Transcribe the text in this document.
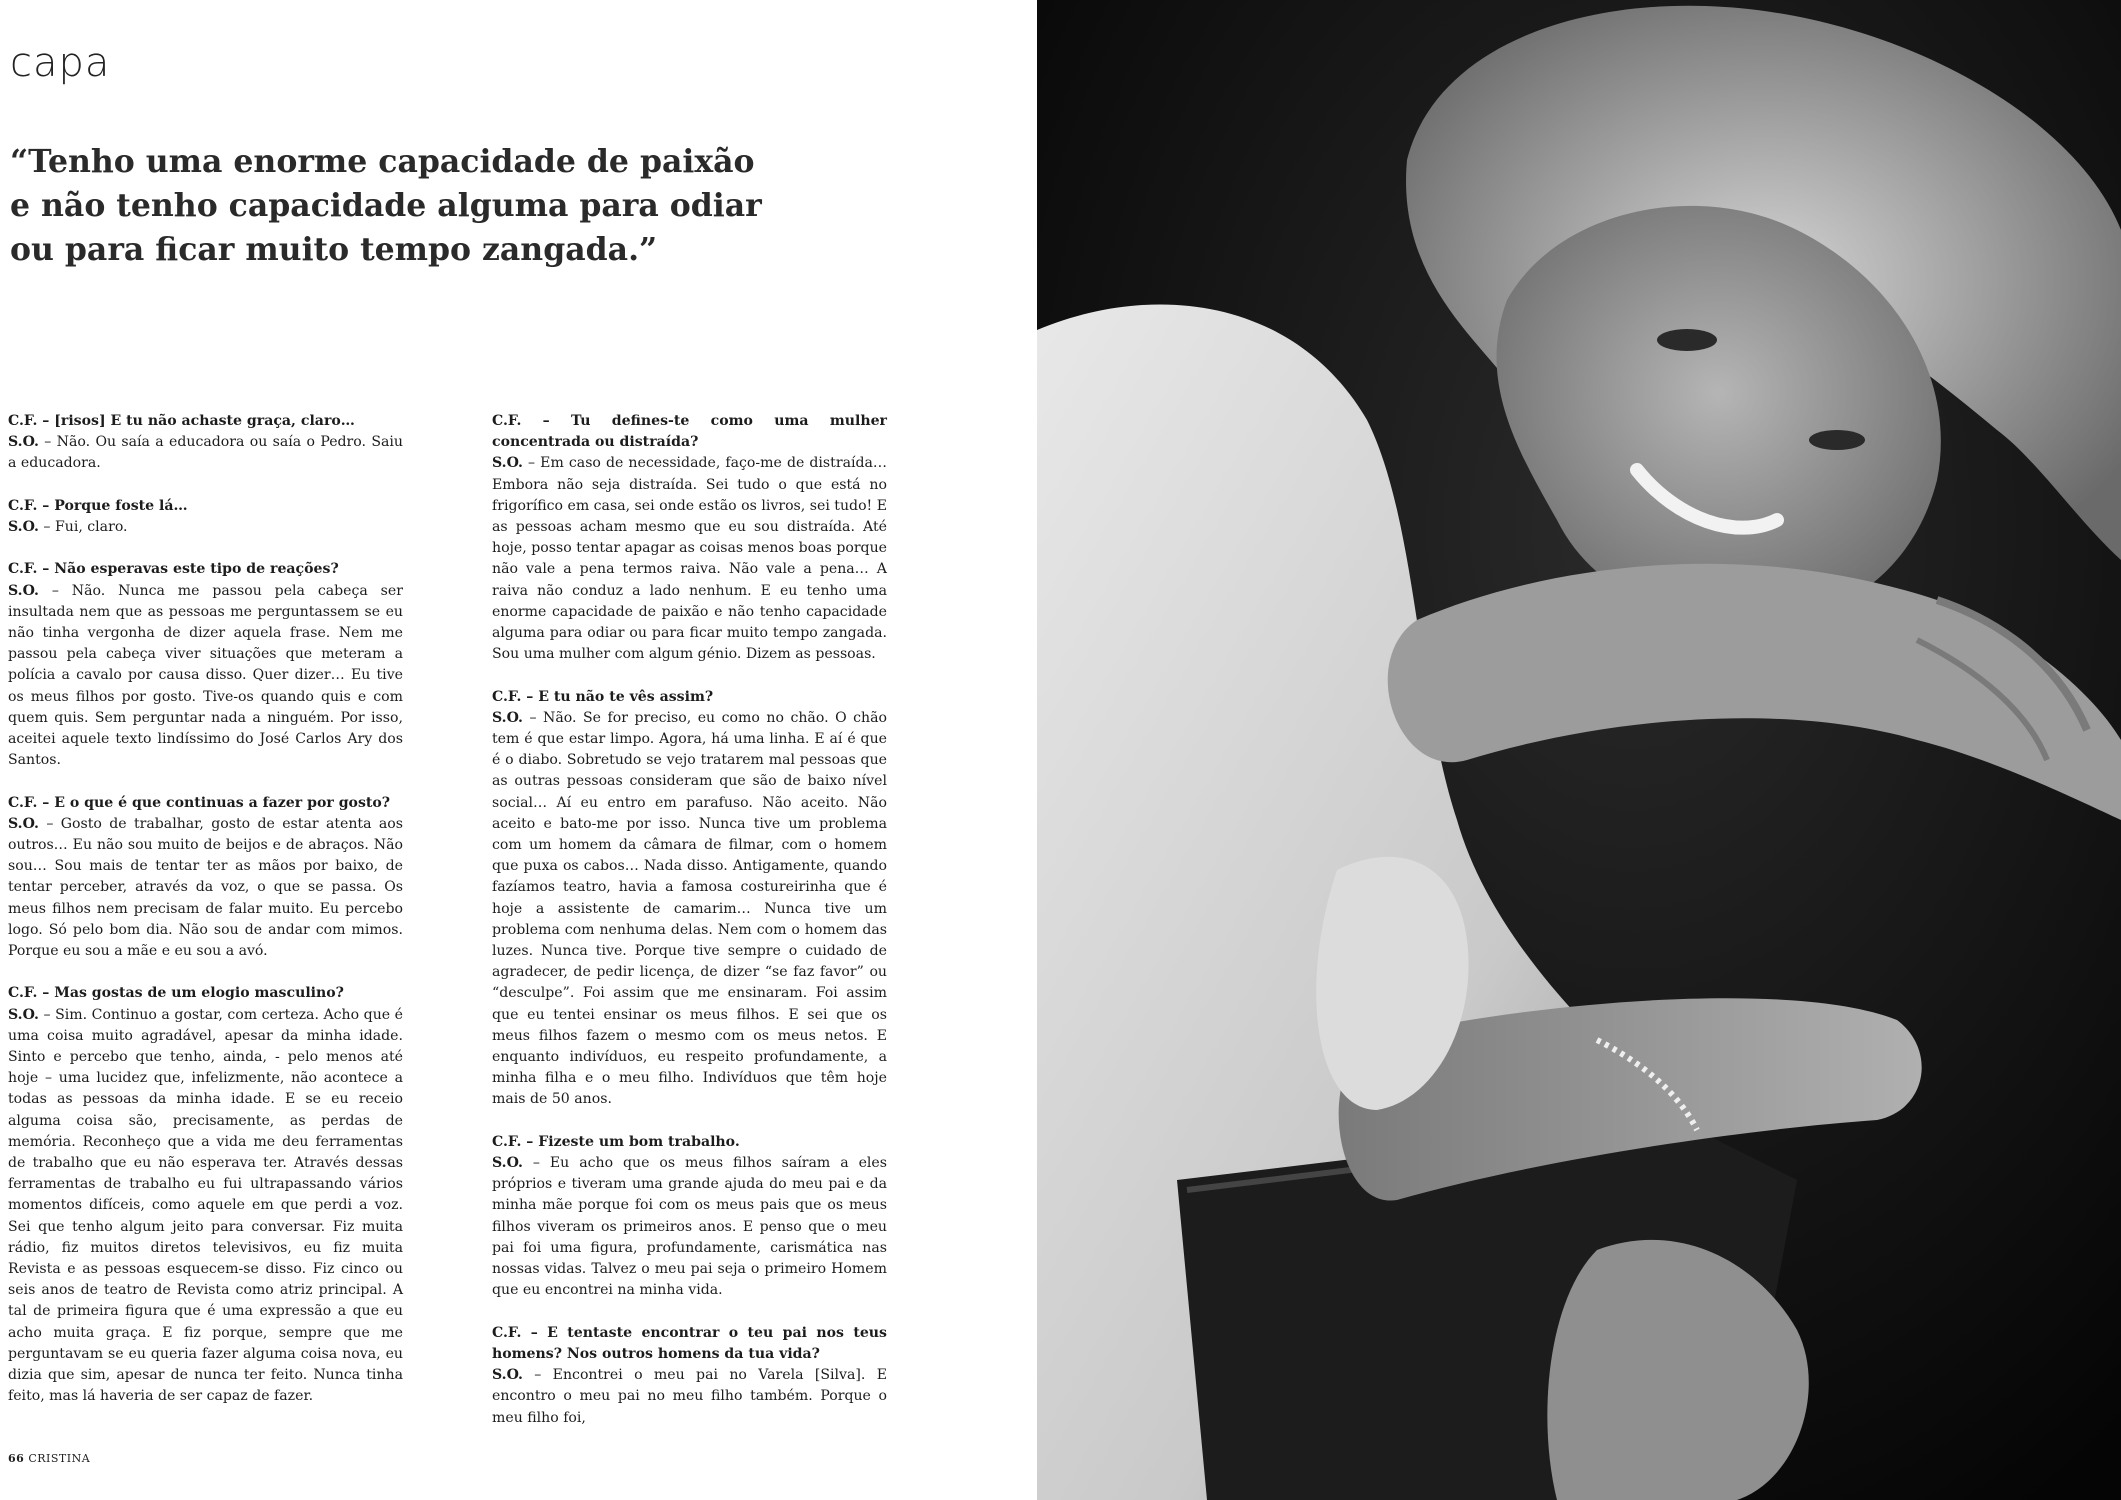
capa
“Tenho uma enorme capacidade de paixão
e não tenho capacidade alguma para odiar
ou para ficar muito tempo zangada.”

C.F. – [risos] E tu não achaste graça, claro…
S.O. – Não. Ou saía a educadora ou saía o Pedro. Saiu a educadora.

C.F. – Porque foste lá…
S.O. – Fui, claro.

C.F. – Não esperavas este tipo de reações?
S.O. – Não. Nunca me passou pela cabeça ser insultada nem que as pessoas me perguntassem se eu não tinha vergonha de dizer aquela frase. Nem me passou pela cabeça viver situações que meteram a polícia a cavalo por causa disso. Quer dizer… Eu tive os meus filhos por gosto. Tive-os quando quis e com quem quis. Sem perguntar nada a ninguém. Por isso, aceitei aquele texto lindíssimo do José Carlos Ary dos Santos.

C.F. – E o que é que continuas a fazer por gosto?
S.O. – Gosto de trabalhar, gosto de estar atenta aos outros… Eu não sou muito de beijos e de abraços. Não sou… Sou mais de tentar ter as mãos por baixo, de tentar perceber, através da voz, o que se passa. Os meus filhos nem precisam de falar muito. Eu percebo logo. Só pelo bom dia. Não sou de andar com mimos. Porque eu sou a mãe e eu sou a avó.

C.F. – Mas gostas de um elogio masculino?
S.O. – Sim. Continuo a gostar, com certeza. Acho que é uma coisa muito agradável, apesar da minha idade. Sinto e percebo que tenho, ainda, - pelo menos até hoje – uma lucidez que, infelizmente, não acontece a todas as pessoas da minha idade. E se eu receio alguma coisa são, precisamente, as perdas de memória. Reconheço que a vida me deu ferramentas de trabalho que eu não esperava ter. Através dessas ferramentas de trabalho eu fui ultrapassando vários momentos difíceis, como aquele em que perdi a voz. Sei que tenho algum jeito para conversar. Fiz muita rádio, fiz muitos diretos televisivos, eu fiz muita Revista e as pessoas esquecem-se disso. Fiz cinco ou seis anos de teatro de Revista como atriz principal. A tal de primeira figura que é uma expressão a que eu acho muita graça. E fiz porque, sempre que me perguntavam se eu queria fazer alguma coisa nova, eu dizia que sim, apesar de nunca ter feito. Nunca tinha feito, mas lá haveria de ser capaz de fazer.

C.F. – Tu defines-te como uma mulher concentrada ou distraída?
S.O. – Em caso de necessidade, faço-me de distraída… Embora não seja distraída. Sei tudo o que está no frigorífico em casa, sei onde estão os livros, sei tudo! E as pessoas acham mesmo que eu sou distraída. Até hoje, posso tentar apagar as coisas menos boas porque não vale a pena termos raiva. Não vale a pena… A raiva não conduz a lado nenhum. E eu tenho uma enorme capacidade de paixão e não tenho capacidade alguma para odiar ou para ficar muito tempo zangada. Sou uma mulher com algum génio. Dizem as pessoas.

C.F. – E tu não te vês assim?
S.O. – Não. Se for preciso, eu como no chão. O chão tem é que estar limpo. Agora, há uma linha. E aí é que é o diabo. Sobretudo se vejo tratarem mal pessoas que as outras pessoas consideram que são de baixo nível social… Aí eu entro em parafuso. Não aceito. Não aceito e bato-me por isso. Nunca tive um problema com um homem da câmara de filmar, com o homem que puxa os cabos… Nada disso. Antigamente, quando fazíamos teatro, havia a famosa costureirinha que é hoje a assistente de camarim… Nunca tive um problema com nenhuma delas. Nem com o homem das luzes. Nunca tive. Porque tive sempre o cuidado de agradecer, de pedir licença, de dizer “se faz favor” ou “desculpe”. Foi assim que me ensinaram. Foi assim que eu tentei ensinar os meus filhos. E sei que os meus filhos fazem o mesmo com os meus netos. E enquanto indivíduos, eu respeito profundamente, a minha filha e o meu filho. Indivíduos que têm hoje mais de 50 anos.

C.F. – Fizeste um bom trabalho.
S.O. – Eu acho que os meus filhos saíram a eles próprios e tiveram uma grande ajuda do meu pai e da minha mãe porque foi com os meus pais que os meus filhos viveram os primeiros anos. E penso que o meu pai foi uma figura, profundamente, carismática nas nossas vidas. Talvez o meu pai seja o primeiro Homem que eu encontrei na minha vida.

C.F. – E tentaste encontrar o teu pai nos teus homens? Nos outros homens da tua vida?
S.O. – Encontrei o meu pai no Varela [Silva]. E encontro o meu pai no meu filho também. Porque o meu filho foi,

66 CRISTINA
